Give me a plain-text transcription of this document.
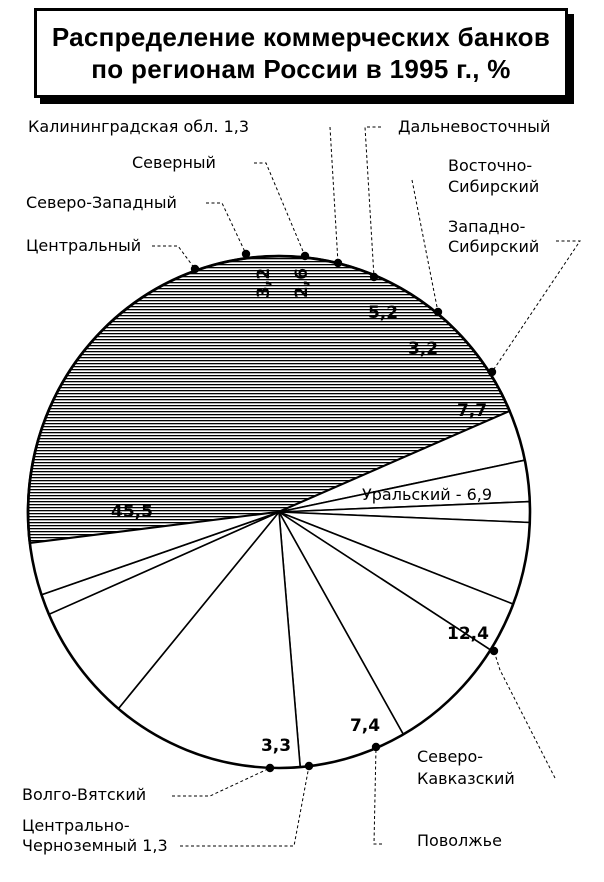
Распределение коммерческих банков
по регионам России в 1995 г., %
45,5
3,2 2,6
5,2
3,2
7,7
12,4
7,4
3,3
Центральный
Северо-Западный
Северный
Калининградская обл. 1,3	Дальневосточный
Восточно-
Сибирский
Западно-
Сибирский
Уральский - 6,9
Северо-
Кавказский
Поволжье
Центрально-
Черноземный 1,3
Волго-Вятский
